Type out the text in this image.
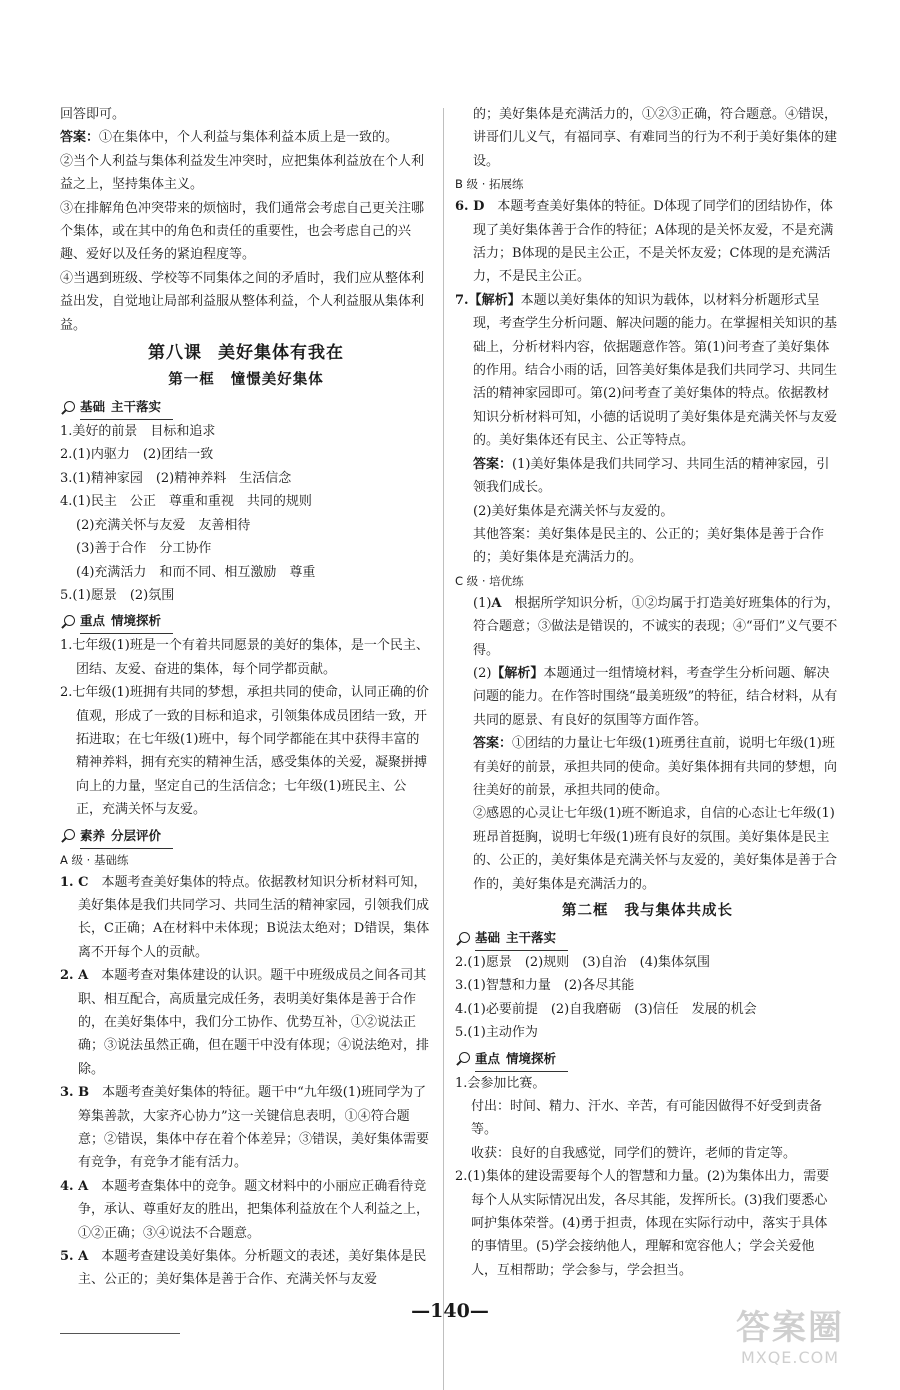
回答即可。

答案：①在集体中，个人利益与集体利益本质上是一致的。

②当个人利益与集体利益发生冲突时，应把集体利益放在个人利益之上，坚持集体主义。

③在排解角色冲突带来的烦恼时，我们通常会考虑自己更关注哪个集体，或在其中的角色和责任的重要性，也会考虑自己的兴趣、爱好以及任务的紧迫程度等。

④当遇到班级、学校等不同集体之间的矛盾时，我们应从整体利益出发，自觉地让局部利益服从整体利益，个人利益服从集体利益。

第八课 美好集体有我在
第一框 憧憬美好集体
基础 主干落实

1.美好的前景　目标和追求

2.(1)内驱力　(2)团结一致

3.(1)精神家园　(2)精神养料　生活信念

4.(1)民主　公正　尊重和重视　共同的规则

(2)充满关怀与友爱　友善相待

(3)善于合作　分工协作

(4)充满活力　和而不同、相互激励　尊重

5.(1)愿景　(2)氛围

重点 情境探析

1.七年级(1)班是一个有着共同愿景的美好的集体，是一个民主、团结、友爱、奋进的集体，每个同学都贡献。

2.七年级(1)班拥有共同的梦想，承担共同的使命，认同正确的价值观，形成了一致的目标和追求，引领集体成员团结一致，开拓进取；在七年级(1)班中，每个同学都能在其中获得丰富的精神养料，拥有充实的精神生活，感受集体的关爱，凝聚拼搏向上的力量，坚定自己的生活信念；七年级(1)班民主、公正，充满关怀与友爱。

素养 分层评价

A 级 · 基础练

1. C　 本题考查美好集体的特点。依据教材知识分析材料可知，美好集体是我们共同学习、共同生活的精神家园，引领我们成长，C正确；A在材料中未体现；B说法太绝对；D错误，集体离不开每个人的贡献。

2. A　 本题考查对集体建设的认识。题干中班级成员之间各司其职、相互配合，高质量完成任务，表明美好集体是善于合作的，在美好集体中，我们分工协作、优势互补，①②说法正确；③说法虽然正确，但在题干中没有体现；④说法绝对，排除。

3. B　 本题考查美好集体的特征。题干中“九年级(1)班同学为了筹集善款，大家齐心协力”这一关键信息表明，①④符合题意；②错误，集体中存在着个体差异；③错误，美好集体需要有竞争，有竞争才能有活力。

4. A　 本题考查集体中的竞争。题文材料中的小丽应正确看待竞争，承认、尊重好友的胜出，把集体利益放在个人利益之上，①②正确；③④说法不合题意。

5. A　 本题考查建设美好集体。分析题文的表述，美好集体是民主、公正的；美好集体是善于合作、充满关怀与友爱

的；美好集体是充满活力的，①②③正确，符合题意。④错误，讲哥们儿义气，有福同享、有难同当的行为不利于美好集体的建设。

B 级 · 拓展练

6. D　 本题考查美好集体的特征。D体现了同学们的团结协作，体现了美好集体善于合作的特征；A体现的是关怀友爱，不是充满活力；B体现的是民主公正，不是关怀友爱；C体现的是充满活力，不是民主公正。

7.【解析】本题以美好集体的知识为载体，以材料分析题形式呈现，考查学生分析问题、解决问题的能力。在掌握相关知识的基础上，分析材料内容，依据题意作答。第(1)问考查了美好集体的作用。结合小雨的话，回答美好集体是我们共同学习、共同生活的精神家园即可。第(2)问考查了美好集体的特点。依据教材知识分析材料可知，小德的话说明了美好集体是充满关怀与友爱的。美好集体还有民主、公正等特点。

答案：(1)美好集体是我们共同学习、共同生活的精神家园，引领我们成长。

(2)美好集体是充满关怀与友爱的。

其他答案：美好集体是民主的、公正的；美好集体是善于合作的；美好集体是充满活力的。

C 级 · 培优练

(1)A　 根据所学知识分析，①②均属于打造美好班集体的行为，符合题意；③做法是错误的，不诚实的表现；④“哥们”义气要不得。

(2)【解析】本题通过一组情境材料，考查学生分析问题、解决问题的能力。在作答时围绕“最美班级”的特征，结合材料，从有共同的愿景、有良好的氛围等方面作答。

答案：①团结的力量让七年级(1)班勇往直前，说明七年级(1)班有美好的前景，承担共同的使命。美好集体拥有共同的梦想，向往美好的前景，承担共同的使命。

②感恩的心灵让七年级(1)班不断追求，自信的心态让七年级(1)班昂首挺胸，说明七年级(1)班有良好的氛围。美好集体是民主的、公正的，美好集体是充满关怀与友爱的，美好集体是善于合作的，美好集体是充满活力的。

第二框 我与集体共成长
基础 主干落实

2.(1)愿景　(2)规则　(3)自治　(4)集体氛围

3.(1)智慧和力量　(2)各尽其能

4.(1)必要前提　(2)自我磨砺　(3)信任　发展的机会

5.(1)主动作为

重点 情境探析

1.会参加比赛。

付出：时间、精力、汗水、辛苦，有可能因做得不好受到责备等。

收获：良好的自我感觉，同学们的赞许，老师的肯定等。

2.(1)集体的建设需要每个人的智慧和力量。(2)为集体出力，需要每个人从实际情况出发，各尽其能，发挥所长。(3)我们要悉心呵护集体荣誉。(4)勇于担责，体现在实际行动中，落实于具体的事情里。(5)学会接纳他人，理解和宽容他人；学会关爱他人，互相帮助；学会参与，学会担当。

—140—	答案圈
MXQE.COM
